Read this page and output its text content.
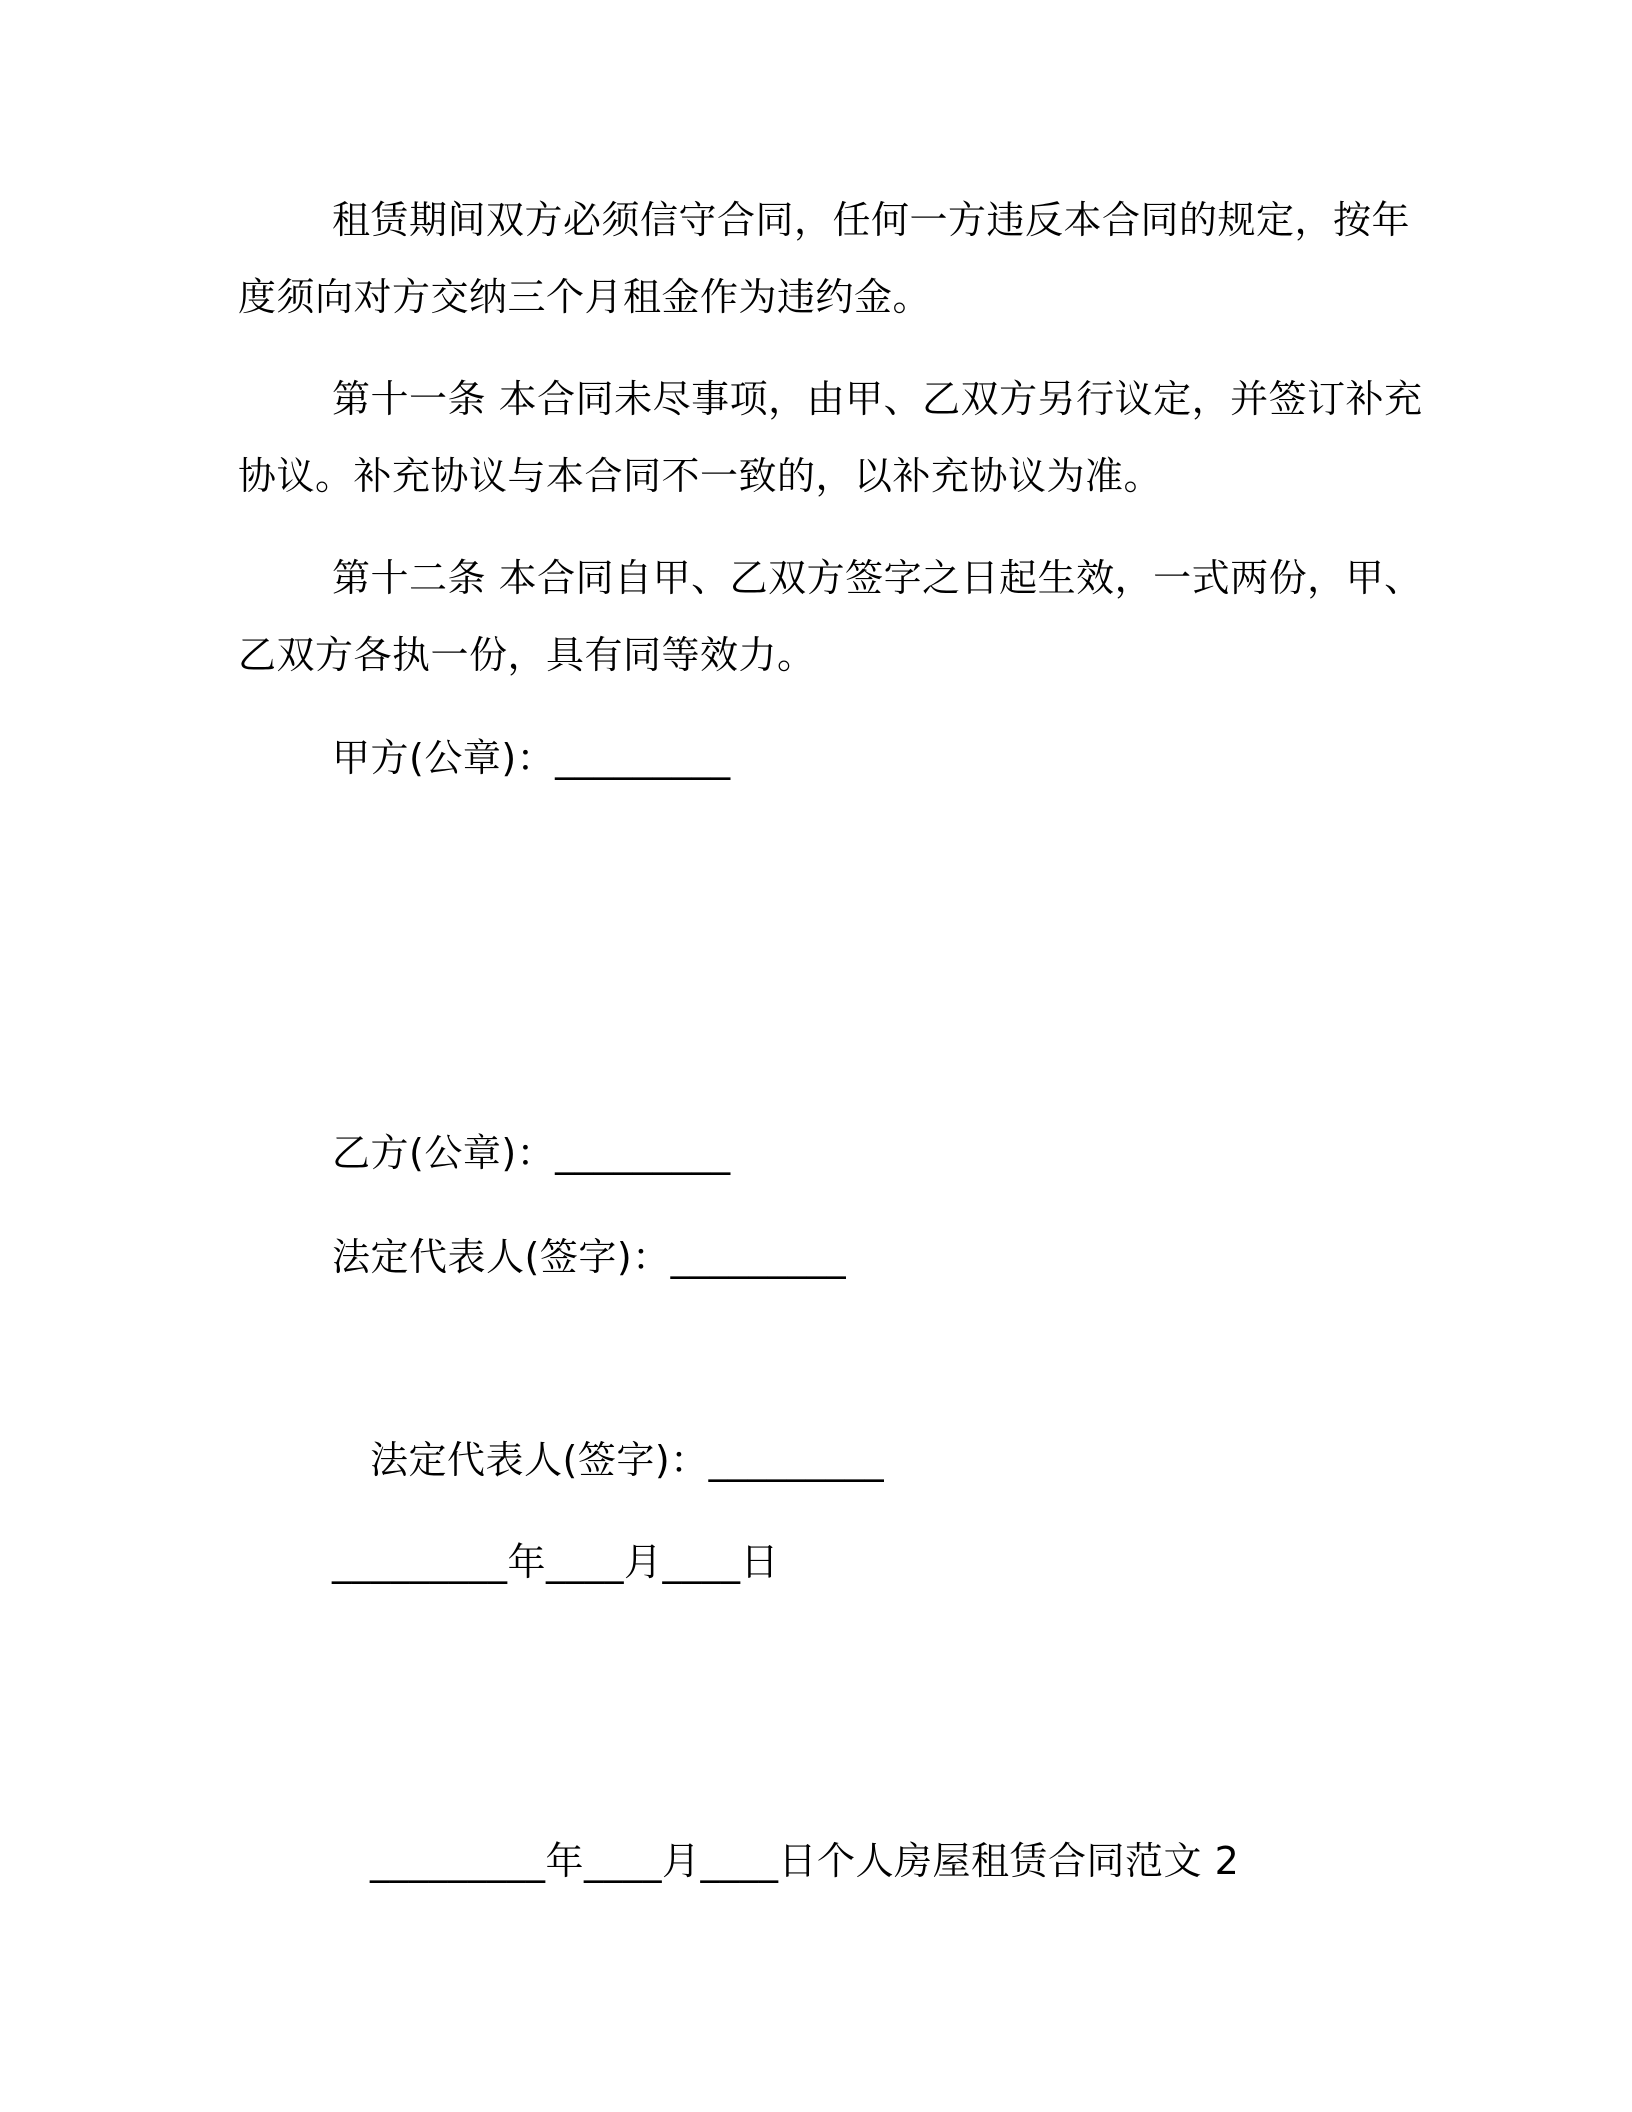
租赁期间双方必须信守合同，任何一方违反本合同的规定，按年
度须向对方交纳三个月租金作为违约金。
第十一条 本合同未尽事项，由甲、乙双方另行议定，并签订补充
协议。补充协议与本合同不一致的，以补充协议为准。
第十二条 本合同自甲、乙双方签字之日起生效，一式两份，甲、
乙双方各执一份，具有同等效力。
甲方(公章)：_________
乙方(公章)：_________
法定代表人(签字)：_________
法定代表人(签字)：_________
_________年____月____日
_________年____月____日个人房屋租赁合同范文 2
